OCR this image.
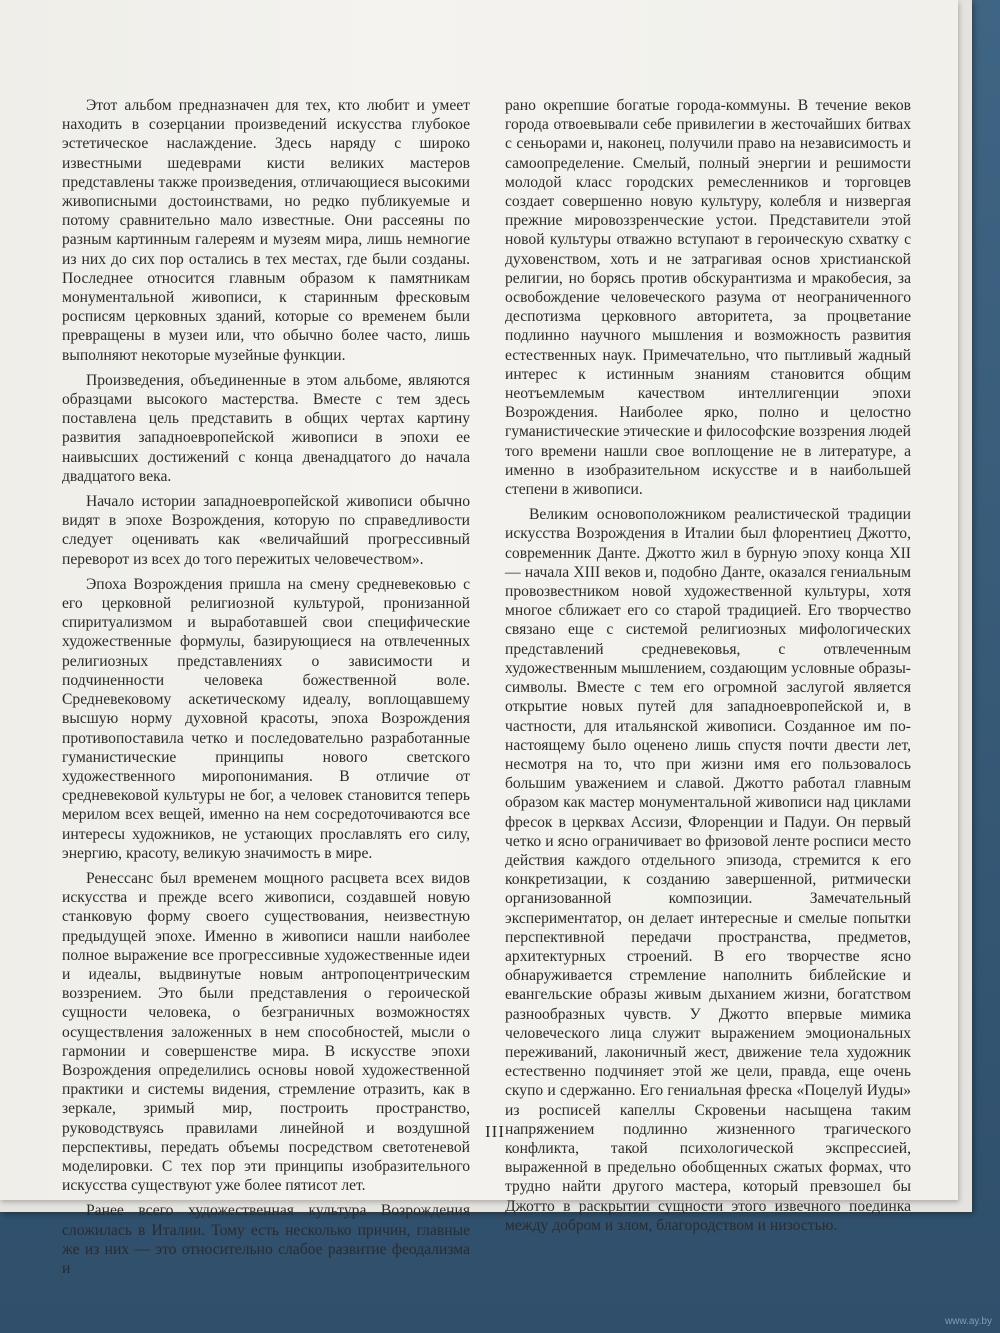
Этот альбом предназначен для тех, кто любит и умеет находить в созерцании произведений искусства глубокое эстетическое наслаждение. Здесь наряду с широко известными шедеврами кисти великих мастеров представлены также произведения, отличающиеся высокими живописными достоинствами, но редко публикуемые и потому сравнительно мало известные. Они рассеяны по разным картинным галереям и музеям мира, лишь немногие из них до сих пор остались в тех местах, где были созданы. Последнее относится главным образом к памятникам монументальной живописи, к старинным фресковым росписям церковных зданий, которые со временем были превращены в музеи или, что обычно более часто, лишь выполняют некоторые музейные функции.

Произведения, объединенные в этом альбоме, являются образцами высокого мастерства. Вместе с тем здесь поставлена цель представить в общих чертах картину развития западноевропейской живописи в эпохи ее наивысших достижений с конца двенадцатого до начала двадцатого века.

Начало истории западноевропейской живописи обычно видят в эпохе Возрождения, которую по справедливости следует оценивать как «величайший прогрессивный переворот из всех до того пережитых человечеством».

Эпоха Возрождения пришла на смену средневековью с его церковной религиозной культурой, пронизанной спиритуализмом и выработавшей свои специфические художественные формулы, базирующиеся на отвлеченных религиозных представлениях о зависимости и подчиненности человека божественной воле. Средневековому аскетическому идеалу, воплощавшему высшую норму духовной красоты, эпоха Возрождения противопоставила четко и последовательно разработанные гуманистические принципы нового светского художественного миропонимания. В отличие от средневековой культуры не бог, а человек становится теперь мерилом всех вещей, именно на нем сосредоточиваются все интересы художников, не устающих прославлять его силу, энергию, красоту, великую значимость в мире.

Ренессанс был временем мощного расцвета всех видов искусства и прежде всего живописи, создавшей новую станковую форму своего существования, неизвестную предыдущей эпохе. Именно в живописи нашли наиболее полное выражение все прогрессивные художественные идеи и идеалы, выдвинутые новым антропоцентрическим воззрением. Это были представления о героической сущности человека, о безграничных возможностях осуществления заложенных в нем способностей, мысли о гармонии и совершенстве мира. В искусстве эпохи Возрождения определились основы новой художественной практики и системы видения, стремление отразить, как в зеркале, зримый мир, построить пространство, руководствуясь правилами линейной и воздушной перспективы, передать объемы посредством светотеневой моделировки. С тех пор эти принципы изобразительного искусства существуют уже более пятисот лет.

Ранее всего художественная культура Возрождения сложилась в Италии. Тому есть несколько причин, главные же из них — это относительно слабое развитие феодализма и

рано окрепшие богатые города-коммуны. В течение веков города отвоевывали себе привилегии в жесточайших битвах с сеньорами и, наконец, получили право на независимость и самоопределение. Смелый, полный энергии и решимости молодой класс городских ремесленников и торговцев создает совершенно новую культуру, колебля и низвергая прежние мировоззренческие устои. Представители этой новой культуры отважно вступают в героическую схватку с духовенством, хоть и не затрагивая основ христианской религии, но борясь против обскурантизма и мракобесия, за освобождение человеческого разума от неограниченного деспотизма церковного авторитета, за процветание подлинно научного мышления и возможность развития естественных наук. Примечательно, что пытливый жадный интерес к истинным знаниям становится общим неотъемлемым качеством интеллигенции эпохи Возрождения. Наиболее ярко, полно и целостно гуманистические этические и философские воззрения людей того времени нашли свое воплощение не в литературе, а именно в изобразительном искусстве и в наибольшей степени в живописи.

Великим основоположником реалистической традиции искусства Возрождения в Италии был флорентиец Джотто, современник Данте. Джотто жил в бурную эпоху конца XII — начала XIII веков и, подобно Данте, оказался гениальным провозвестником новой художественной культуры, хотя многое сближает его со старой традицией. Его творчество связано еще с системой религиозных мифологических представлений средневековья, с отвлеченным художественным мышлением, создающим условные образы-символы. Вместе с тем его огромной заслугой является открытие новых путей для западноевропейской и, в частности, для итальянской живописи. Созданное им по-настоящему было оценено лишь спустя почти двести лет, несмотря на то, что при жизни имя его пользовалось большим уважением и славой. Джотто работал главным образом как мастер монументальной живописи над циклами фресок в церквах Ассизи, Флоренции и Падуи. Он первый четко и ясно ограничивает во фризовой ленте росписи место действия каждого отдельного эпизода, стремится к его конкретизации, к созданию завершенной, ритмически организованной композиции. Замечательный экспериментатор, он делает интересные и смелые попытки перспективной передачи пространства, предметов, архитектурных строений. В его творчестве ясно обнаруживается стремление наполнить библейские и евангельские образы живым дыханием жизни, богатством разнообразных чувств. У Джотто впервые мимика человеческого лица служит выражением эмоциональных переживаний, лаконичный жест, движение тела художник естественно подчиняет этой же цели, правда, еще очень скупо и сдержанно. Его гениальная фреска «Поцелуй Иуды» из росписей капеллы Скровеньи насыщена таким напряжением подлинно жизненного трагического конфликта, такой психологической экспрессией, выраженной в предельно обобщенных сжатых формах, что трудно найти другого мастера, который превзошел бы Джотто в раскрытии сущности этого извечного поединка между добром и злом, благородством и низостью.

III
www.ay.by
